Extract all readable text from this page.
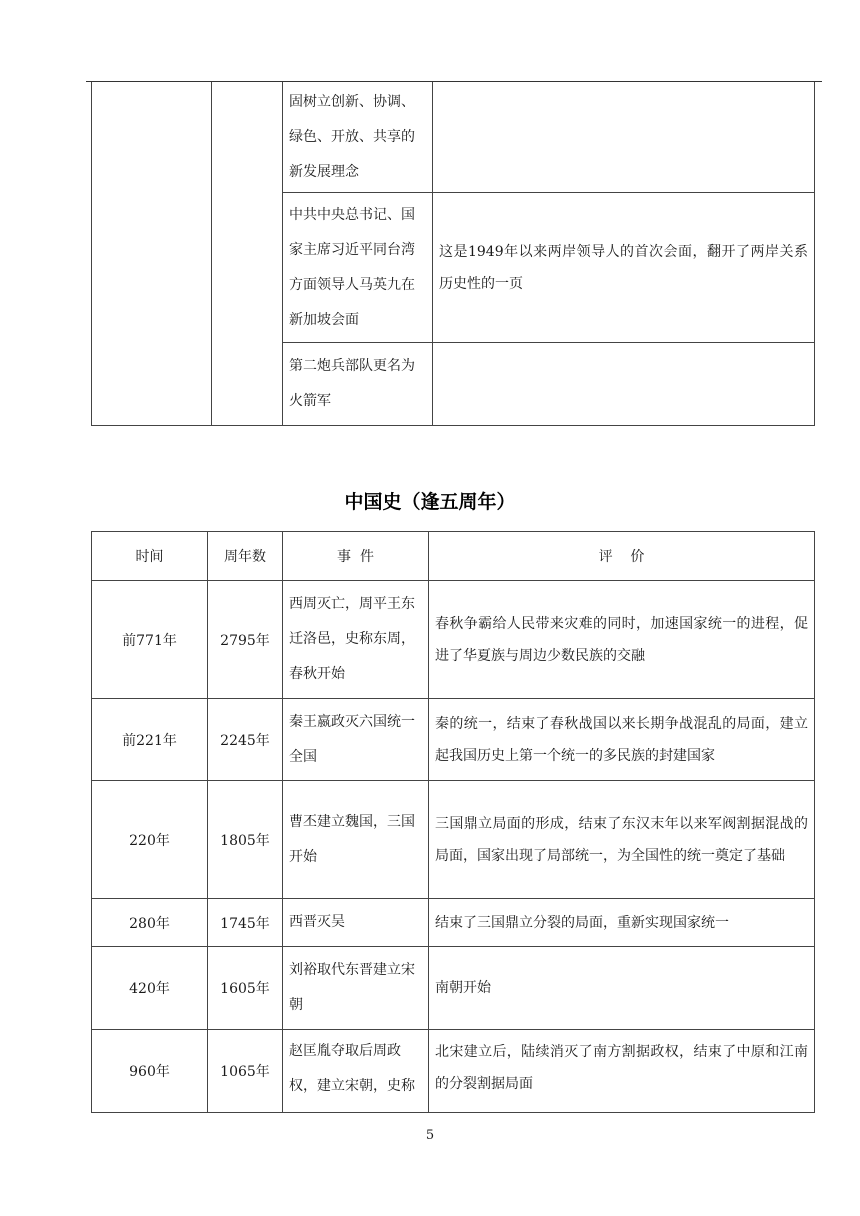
		固树立创新、协调、绿色、开放、共享的新发展理念	

		中共中央总书记、国家主席习近平同台湾方面领导人马英九在新加坡会面	这是1949年以来两岸领导人的首次会面，翻开了两岸关系历史性的一页

		第二炮兵部队更名为火箭军	

中国史（逢五周年）
时间	周年数	事  件	评    价
前771年	2795年	西周灭亡，周平王东迁洛邑，史称东周，春秋开始	春秋争霸给人民带来灾难的同时，加速国家统一的进程，促进了华夏族与周边少数民族的交融

前221年	2245年	秦王嬴政灭六国统一全国	秦的统一，结束了春秋战国以来长期争战混乱的局面，建立起我国历史上第一个统一的多民族的封建国家

220年	1805年	曹丕建立魏国，三国开始	三国鼎立局面的形成，结束了东汉末年以来军阀割据混战的局面，国家出现了局部统一，为全国性的统一奠定了基础

280年	1745年	西晋灭吴	结束了三国鼎立分裂的局面，重新实现国家统一

420年	1605年	刘裕取代东晋建立宋朝	南朝开始

960年	1065年	赵匡胤夺取后周政权，建立宋朝，史称	北宋建立后，陆续消灭了南方割据政权，结束了中原和江南的分裂割据局面
5
